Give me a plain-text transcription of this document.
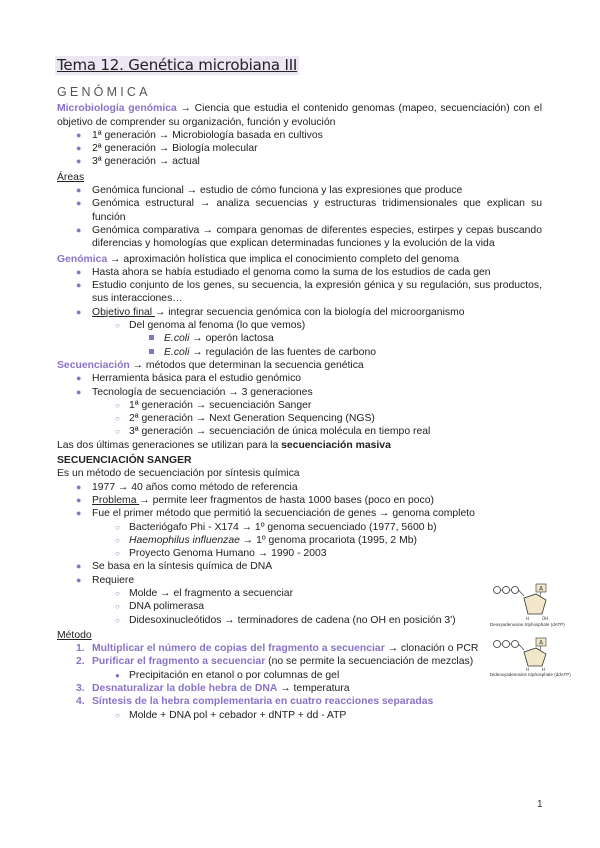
Tema 12. Genética microbiana III
GENÓMICA

Microbiología genómica → Ciencia que estudia el contenido genomas (mapeo, secuenciación) con el objetivo de comprender su organización, función y evolución

● 1ª generación → Microbiología basada en cultivos
● 2ª generación → Biología molecular
● 3ª generación → actual

Áreas

● Genómica funcional → estudio de cómo funciona y las expresiones que produce
● Genómica estructural → analiza secuencias y estructuras tridimensionales que explican su función
● Genómica comparativa → compara genomas de diferentes especies, estirpes y cepas buscando diferencias y homologías que explican determinadas funciones y la evolución de la vida

Genómica → aproximación holística que implica el conocimiento completo del genoma

● Hasta ahora se había estudiado el genoma como la suma de los estudios de cada gen
● Estudio conjunto de los genes, su secuencia, la expresión génica y su regulación, sus productos, sus interacciones…
● Objetivo final → integrar secuencia genómica con la biología del microorganismo
○ Del genoma al fenoma (lo que vemos)
E.coli → operón lactosa
E.coli → regulación de las fuentes de carbono

Secuenciación → métodos que determinan la secuencia genética

● Herramienta básica para el estudio genómico
● Tecnología de secuenciación → 3 generaciones
○ 1ª generación → secuenciación Sanger
○ 2ª generación → Next Generation Sequencing (NGS)
○ 3ª generación → secuenciación de única molécula en tiempo real

Las dos últimas generaciones se utilizan para la secuenciación masiva

SECUENCIACIÓN SANGER

Es un método de secuenciación por síntesis química

● 1977 → 40 años como método de referencia
● Problema → permite leer fragmentos de hasta 1000 bases (poco en poco)
● Fue el primer método que permitió la secuenciación de genes → genoma completo
○ Bacteriógafo Phi - X174 → 1º genoma secuenciado (1977, 5600 b)
○ Haemophilus influenzae → 1º genoma procariota (1995, 2 Mb)
○ Proyecto Genoma Humano → 1990 - 2003
● Se basa en la síntesis química de DNA
● Requiere
○ Molde → el fragmento a secuenciar
○ DNA polimerasa
○ Didesoxinucleótidos → terminadores de cadena (no OH en posición 3')

Método

1. Multiplicar el número de copias del fragmento a secuenciar → clonación o PCR
2. Purificar el fragmento a secuenciar (no se permite la secuenciación de mezclas)
● Precipitación en etanol o por columnas de gel
3. Desnaturalizar la doble hebra de DNA → temperatura
4. Síntesis de la hebra complementaria en cuatro reacciones separadas
○ Molde + DNA pol + cebador + dNTP + dd - ATP
A
H	OH
Deoxyadenosine triphosphate (dATP)
A
H	H
Dideoxyadenosine triphosphate (ddATP)
1
